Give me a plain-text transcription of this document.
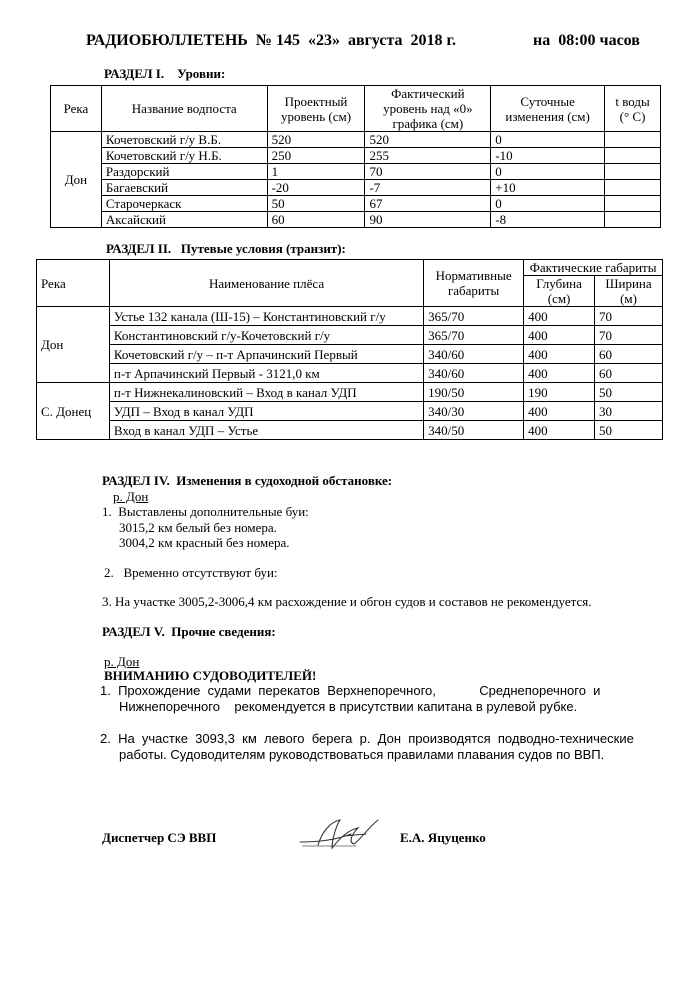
РАДИОБЮЛЛЕТЕНЬ  № 145  «23»  августа  2018 г.	на  08:00 часов
РАЗДЕЛ I.    Уровни:
Река	Название водпоста	Проектный уровень (см)	Фактический уровень над «0» графика (см)	Суточные изменения (см)	t воды (° С)
Дон	Кочетовский г/у В.Б.	520	520	0	
	Кочетовский г/у Н.Б.	250	255	-10	
	Раздорский	1	70	0	
	Багаевский	-20	-7	+10	
	Старочеркаск	50	67	0	
	Аксайский	60	90	-8	
РАЗДЕЛ II.   Путевые условия (транзит):
Река	Наименование плёса	Нормативные габариты	Фактические габариты	
			Глубина (см)	Ширина (м)
Дон	Устье 132 канала (Ш-15) – Константиновский г/у	365/70	400	70
	Константиновский г/у-Кочетовский г/у	365/70	400	70
	Кочетовский г/у – п-т Арпачинский Первый	340/60	400	60
	п-т Арпачинский Первый - 3121,0 км	340/60	400	60
С. Донец	п-т Нижнекалиновский – Вход в канал УДП	190/50	190	50
	УДП – Вход в канал УДП	340/30	400	30
	Вход в канал УДП – Устье	340/50	400	50
РАЗДЕЛ IV.  Изменения в судоходной обстановке:
р. Дон
1.  Выставлены дополнительные буи:
3015,2 км белый без номера.
3004,2 км красный без номера.
2.   Временно отсутствуют буи:
3. На участке 3005,2-3006,4 км расхождение и обгон судов и составов не рекомендуется.
РАЗДЕЛ V.  Прочие сведения:
р. Дон
ВНИМАНИЮ СУДОВОДИТЕЛЕЙ!
1.  Прохождение  судами  перекатов  Верхнепоречного,            Среднепоречного  и
Нижнепоречного    рекомендуется в присутствии капитана в рулевой рубке.
2.  На  участке  3093,3  км  левого  берега  р.  Дон  производятся  подводно-технические
работы. Судоводителям руководствоваться правилами плавания судов по ВВП.
Диспетчер СЭ ВВП	Е.А. Яцуценко
